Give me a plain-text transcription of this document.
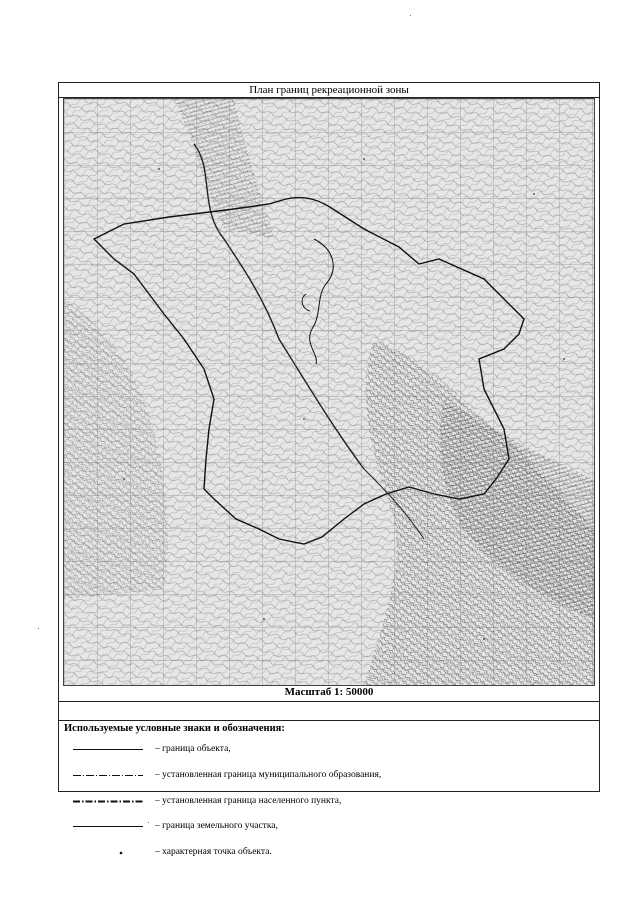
План границ рекреационной зоны
Масштаб 1: 50000
Используемые условные знаки и обозначения:
– граница объекта,
– установленная граница муниципального образования,
– установленная граница населенного пункта,
– граница земельного участка,
– характерная точка объекта.
